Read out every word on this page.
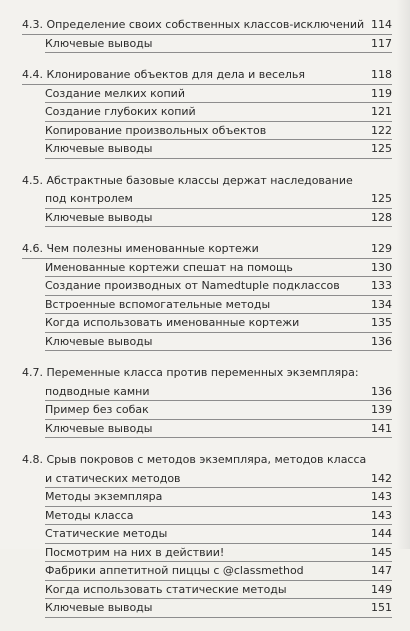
4.3. Определение своих собственных классов-исключений 114
Ключевые выводы	117
4.4. Клонирование объектов для дела и веселья	118
Создание мелких копий	119
Создание глубоких копий	121
Копирование произвольных объектов	122
Ключевые выводы	125
4.5. Абстрактные базовые классы держат наследование
под контролем	125
Ключевые выводы	128
4.6. Чем полезны именованные кортежи	129
Именованные кортежи спешат на помощь	130
Создание производных от Namedtuple подклассов	133
Встроенные вспомогательные методы	134
Когда использовать именованные кортежи	135
Ключевые выводы	136
4.7. Переменные класса против переменных экземпляра:
подводные камни	136
Пример без собак	139
Ключевые выводы	141
4.8. Срыв покровов с методов экземпляра, методов класса
и статических методов	142
Методы экземпляра	143
Методы класса	143
Статические методы	144
Посмотрим на них в действии!	145
Фабрики аппетитной пиццы с @classmethod	147
Когда использовать статические методы	149
Ключевые выводы	151
